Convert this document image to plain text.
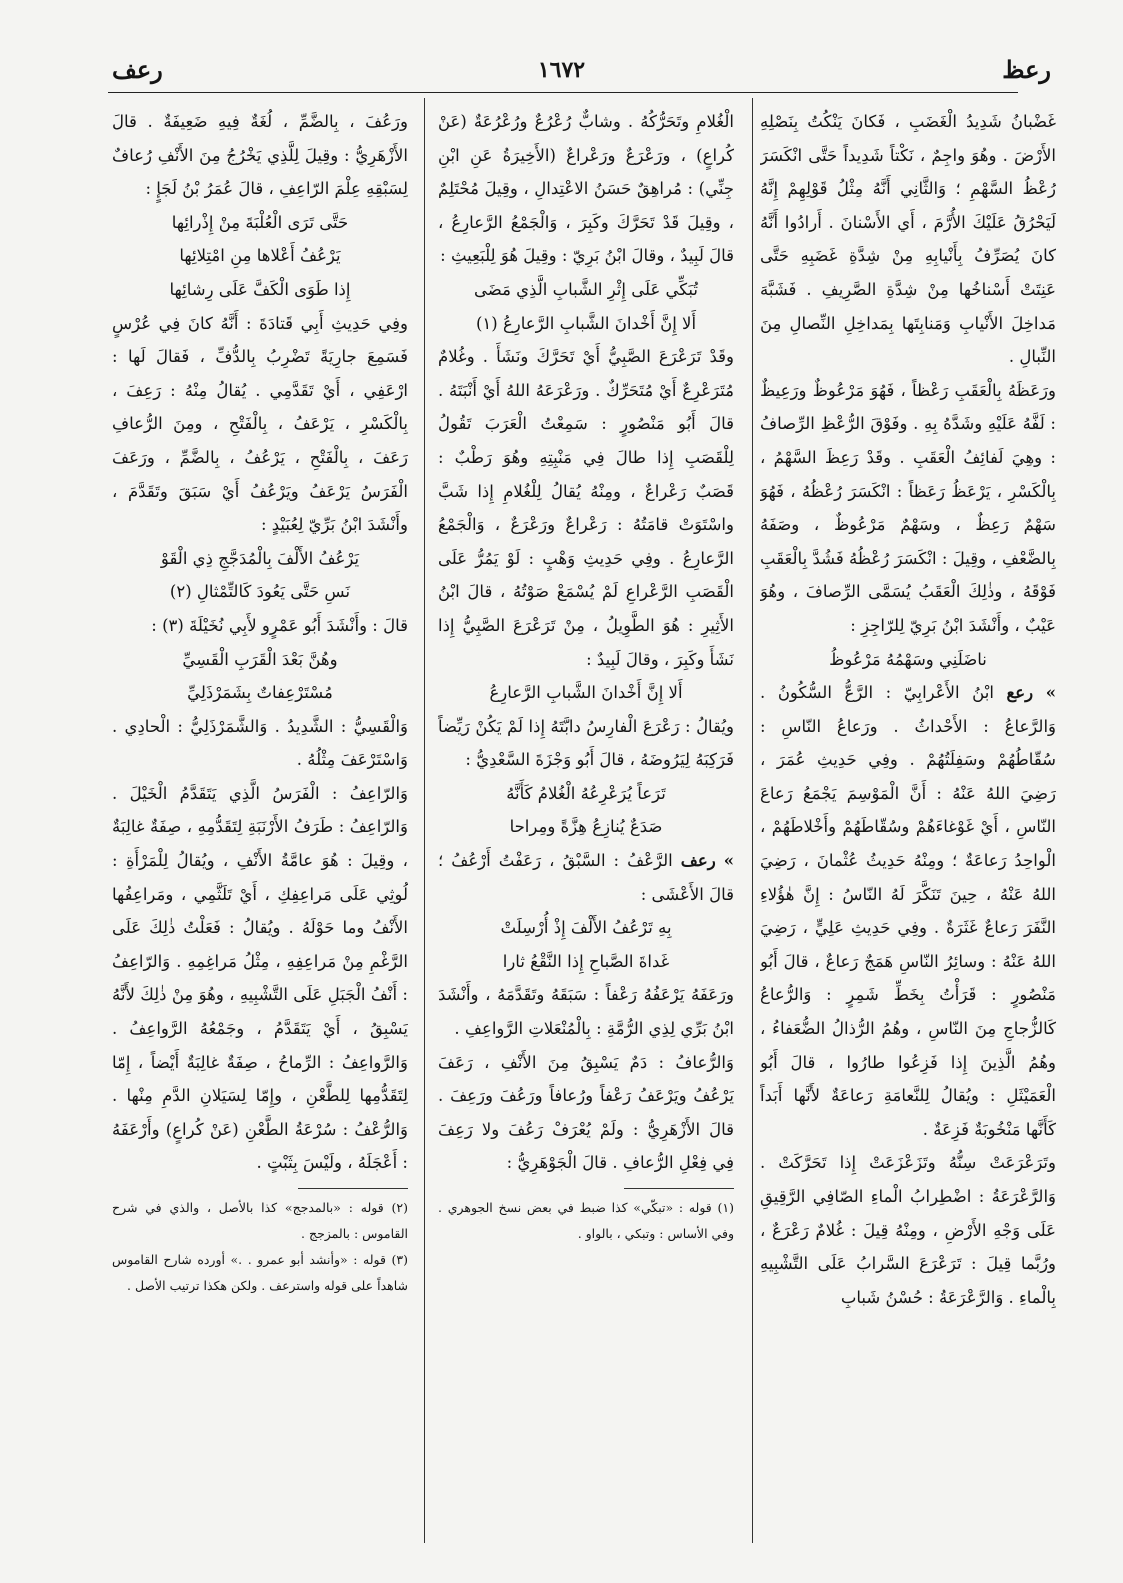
رعظ
١٦٧٢
رعف

غَضْبانُ شَدِيدُ الْغَضَبِ ، فَكانَ يَنْكُتُ بِنَصْلِهِ الأَرْضَ . وهُوَ واجِمٌ ، نَكْتاً شَدِيداً حَتَّى انْكَسَرَ رُعْظُ السَّهْمِ ؛ وَالثَّانِي أَنَّهُ مِثْلُ قَوْلِهِمْ إِنَّهُ لَيَحْرُقُ عَلَيْكَ الأُرَّمَ ، أَي الأَسْنانَ . أَرادُوا أَنَّهُ كانَ يُصَرِّفُ بِأَنْيابِهِ مِنْ شِدَّةِ غَضَبِهِ حَتَّى عَنِتَتْ أَسْناخُها مِنْ شِدَّةِ الصَّرِيفِ . فَشَبَّهَ مَداخِلَ الأَنْيابِ وَمَنابِتَها بِمَداخِلِ النِّصالِ مِنَ النِّبالِ .

ورَعَظَهُ بِالْعَقَبِ رَعْظاً ، فَهُوَ مَرْعُوظٌ ورَعِيظٌ : لَفَّهُ عَلَيْهِ وشَدَّهُ بِهِ . وفَوْقَ الرُّعْظِ الرِّصافُ : وهِيَ لَفائِفُ الْعَقَبِ . وقَدْ رَعِظَ السَّهْمُ ، بِالْكَسْرِ ، يَرْعَظُ رَعَظاً : انْكَسَرَ رُعْظُهُ ، فَهُوَ سَهْمٌ رَعِظٌ ، وسَهْمٌ مَرْعُوظٌ ، وصَفَهُ بِالضَّعْفِ ، وقِيلَ : انْكَسَرَ رُعْظُهُ فَشُدَّ بِالْعَقَبِ فَوْقَهُ ، وذٰلِكَ الْعَقَبُ يُسَمَّى الرِّصافَ ، وهُوَ عَيْبٌ ، وأَنْشَدَ ابْنُ بَرِيّ لِلرّاجِزِ :

ناضَلَنِي وسَهْمُهُ مَرْعُوظُ

» رعع ابْنُ الأَعْرابِيّ : الرَّعُّ السُّكُونُ . وَالرَّعاعُ : الأَحْداثُ . ورَعاعُ النّاسِ : سُقّاطُهُمْ وسَفِلَتُهُمْ . وفِي حَدِيثِ عُمَرَ ، رَضِيَ اللهُ عَنْهُ : أَنَّ الْمَوْسِمَ يَجْمَعُ رَعاعَ النّاسِ ، أَيْ غَوْغاءَهُمْ وسُقّاطَهُمْ وأَخْلاطَهُمْ ، الْواحِدُ رَعاعَةٌ ؛ ومِنْهُ حَدِيثُ عُثْمانَ ، رَضِيَ اللهُ عَنْهُ ، حِينَ تَنَكَّرَ لَهُ النّاسُ : إِنَّ هٰؤُلاءِ النَّفَرَ رَعاعٌ غَثَرَةٌ . وفِي حَدِيثِ عَلِيٍّ ، رَضِيَ اللهُ عَنْهُ : وسائِرُ النّاسِ هَمَجٌ رَعاعٌ ، قالَ أَبُو مَنْصُورٍ : قَرَأْتُ بِخَطِّ شَمِرٍ : وَالرُّعاعُ كَالزُّجاجِ مِنَ النّاسِ ، وهُمُ الرُّذالُ الضُّعَفاءُ ، وهُمُ الَّذِينَ إِذا فَزِعُوا طارُوا ، قالَ أَبُو الْعَمَيْثَلِ : ويُقالُ لِلنَّعامَةِ رَعاعَةٌ لأَنَّها أَبَداً كَأَنَّها مَنْخُوبَةٌ فَزِعَةٌ .

وتَرَعْرَعَتْ سِنُّهُ وتَزَعْزَعَتْ إِذا تَحَرَّكَتْ . وَالرَّعْرَعَةُ : اضْطِرابُ الْماءِ الصّافِي الرَّقِيقِ عَلَى وَجْهِ الأَرْضِ ، ومِنْهُ قِيلَ : غُلامٌ رَعْرَعٌ ، ورُبَّما قِيلَ : تَرَعْرَعَ السَّرابُ عَلَى التَّشْبِيهِ بِالْماءِ . وَالرَّعْرَعَةُ : حُسْنُ شَبابِ

الْغُلامِ وتَحَرُّكُهُ . وشابٌّ رُعْرُعٌ ورُعْرُعَةٌ (عَنْ كُراعٍ) ، ورَعْرَعٌ ورَعْراعٌ (الأَخِيرَةُ عَنِ ابْنِ جِنِّي) : مُراهِقٌ حَسَنُ الاعْتِدالِ ، وقِيلَ مُحْتَلِمٌ ، وقِيلَ قَدْ تَحَرَّكَ وكَبِرَ ، وَالْجَمْعُ الرَّعارِعُ ، قالَ لَبِيدٌ ، وقالَ ابْنُ بَرِيّ : وقِيلَ هُوَ لِلْبَعِيثِ :

تُبَكِّي عَلَى إِثْرِ الشَّبابِ الَّذِي مَضَى

أَلا إِنَّ أَخْدانَ الشَّبابِ الرَّعارِعُ (١)

وقَدْ تَرَعْرَعَ الصَّبِيُّ أَيْ تَحَرَّكَ ونَشَأَ . وغُلامٌ مُتَرَعْرِعٌ أَيْ مُتَحَرِّكٌ . ورَعْرَعَهُ اللهُ أَيْ أَنْبَتَهُ . قالَ أَبُو مَنْصُورٍ : سَمِعْتُ الْعَرَبَ تَقُولُ لِلْقَصَبِ إِذا طالَ فِي مَنْبِتِهِ وهُوَ رَطْبٌ : قَصَبٌ رَعْراعٌ ، ومِنْهُ يُقالُ لِلْغُلامِ إِذا شَبَّ واسْتَوَتْ قامَتُهُ : رَعْراعٌ ورَعْرَعٌ ، وَالْجَمْعُ الرَّعارِعُ . وفِي حَدِيثِ وَهْبٍ : لَوْ يَمُرُّ عَلَى الْقَصَبِ الرَّعْراعِ لَمْ يُسْمَعْ صَوْتُهُ ، قالَ ابْنُ الأَثِيرِ : هُوَ الطَّوِيلُ ، مِنْ تَرَعْرَعَ الصَّبِيُّ إِذا نَشَأَ وكَبِرَ ، وقالَ لَبِيدٌ :

أَلا إِنَّ أَخْدانَ الشَّبابِ الرَّعارِعُ

ويُقالُ : رَعْرَعَ الْفارِسُ دابَّتَهُ إِذا لَمْ يَكُنْ رَيِّضاً فَرَكِبَهُ لِيَرُوضَهُ ، قالَ أَبُو وَجْزَةَ السَّعْدِيُّ :

تَرَعاً يُرَعْرِعُهُ الْغُلامُ كَأَنَّهُ

صَدَعٌ يُنازِعُ هِزَّةً ومِراحا

» رعف الرَّعْفُ : السَّبْقُ ، رَعَفْتُ أَرْعُفُ ؛ قالَ الأَعْشَى :

بِهِ تَرْعُفُ الأَلْفَ إِذْ أُرْسِلَتْ

غَداةَ الصَّباحِ إِذا النَّقْعُ ثارا

ورَعَفَهُ يَرْعَفُهُ رَعْفاً : سَبَقَهُ وتَقَدَّمَهُ ، وأَنْشَدَ ابْنُ بَرِّي لِذِي الرُّمَّةِ : بِالْمُنْعَلاتِ الرَّواعِفِ .

وَالرُّعافُ : دَمٌ يَسْبِقُ مِنَ الأَنْفِ ، رَعَفَ يَرْعُفُ ويَرْعَفُ رَعْفاً ورُعافاً ورَعُفَ ورَعِفَ . قالَ الأَزْهَرِيُّ : ولَمْ يُعْرَفْ رَعُفَ ولا رَعِفَ فِي فِعْلِ الرُّعافِ . قالَ الْجَوْهَرِيُّ :

(١) قوله : «تبكّي» كذا ضبط في بعض نسخ الجوهري . وفي الأساس : وتبكي ، بالواو .

ورَعُفَ ، بِالضَّمِّ ، لُغَةٌ فِيهِ ضَعِيفَةٌ . قالَ الأَزْهَرِيُّ : وقِيلَ لِلَّذِي يَخْرُجُ مِنَ الأَنْفِ رُعافٌ لِسَبْقِهِ عِلْمَ الرّاعِفِ ، قالَ عُمَرُ بْنُ لَجَإٍ :

حَتَّى تَرَى الْعُلْبَةَ مِنْ إِذْرائِها

يَرْعُفُ أَعْلاها مِنِ امْتِلائِها

إِذا طَوَى الْكَفَّ عَلَى رِشائِها

وفِي حَدِيثِ أَبِي قَتادَةَ : أَنَّهُ كانَ فِي عُرْسٍ فَسَمِعَ جارِيَةً تَضْرِبُ بِالدُّفِّ ، فَقالَ لَها : ارْعَفِي ، أَيْ تَقَدَّمِي . يُقالُ مِنْهُ : رَعِفَ ، بِالْكَسْرِ ، يَرْعَفُ ، بِالْفَتْحِ ، ومِنَ الرُّعافِ رَعَفَ ، بِالْفَتْحِ ، يَرْعُفُ ، بِالضَّمِّ ، ورَعَفَ الْفَرَسُ يَرْعَفُ ويَرْعُفُ أَيْ سَبَقَ وتَقَدَّمَ ، وأَنْشَدَ ابْنُ بَرِّيّ لِعُبَيْدٍ :

يَرْعُفُ الأَلْفَ بِالْمُدَجَّجِ ذِي الْقَوْ

نَسِ حَتَّى يَعُودَ كَالتِّمْثالِ (٢)

قالَ : وأَنْشَدَ أَبُو عَمْرٍو لأَبِي نُخَيْلَةَ (٣) :

وهُنَّ بَعْدَ الْقَرَبِ الْقَسِيِّ

مُسْتَرْعِفاتٌ بِشَمَرْذَلِيِّ

وَالْقَسِيُّ : الشَّدِيدُ . وَالشَّمَرْذَلِيُّ : الْحادِي . وَاسْتَرْعَفَ مِثْلُهُ .

وَالرّاعِفُ : الْفَرَسُ الَّذِي يَتَقَدَّمُ الْخَيْلَ . وَالرّاعِفُ : طَرَفُ الأَرْنَبَةِ لِتَقَدُّمِهِ ، صِفَةٌ غالِبَةٌ ، وقِيلَ : هُوَ عامَّةُ الأَنْفِ ، ويُقالُ لِلْمَرْأَةِ : لُوثِي عَلَى مَراعِفِكِ ، أَيْ تَلَثَّمِي ، ومَراعِفُها الأَنْفُ وما حَوْلَهُ . ويُقالُ : فَعَلْتُ ذٰلِكَ عَلَى الرَّغْمِ مِنْ مَراعِفِهِ ، مِثْلُ مَراغِمِهِ . وَالرّاعِفُ : أَنْفُ الْجَبَلِ عَلَى التَّشْبِيهِ ، وهُوَ مِنْ ذٰلِكَ لأَنَّهُ يَسْبِقُ ، أَيْ يَتَقَدَّمُ ، وجَمْعُهُ الرَّواعِفُ . وَالرَّواعِفُ : الرِّماحُ ، صِفَةٌ غالِبَةٌ أَيْضاً ، إِمّا لِتَقَدُّمِها لِلطَّعْنِ ، وإِمّا لِسَيَلانِ الدَّمِ مِنْها . وَالرُّعْفُ : سُرْعَةُ الطَّعْنِ (عَنْ كُراعٍ) وأَرْعَفَهُ : أَعْجَلَهُ ، ولَيْسَ بِثَبْتٍ .

(٢) قوله : «بالمدجج» كذا بالأصل ، والذي في شرح القاموس : بالمزجج .

(٣) قوله : «وأنشد أبو عمرو . .» أورده شارح القاموس شاهداً على قوله واسترعف . ولكن هكذا ترتيب الأصل .
